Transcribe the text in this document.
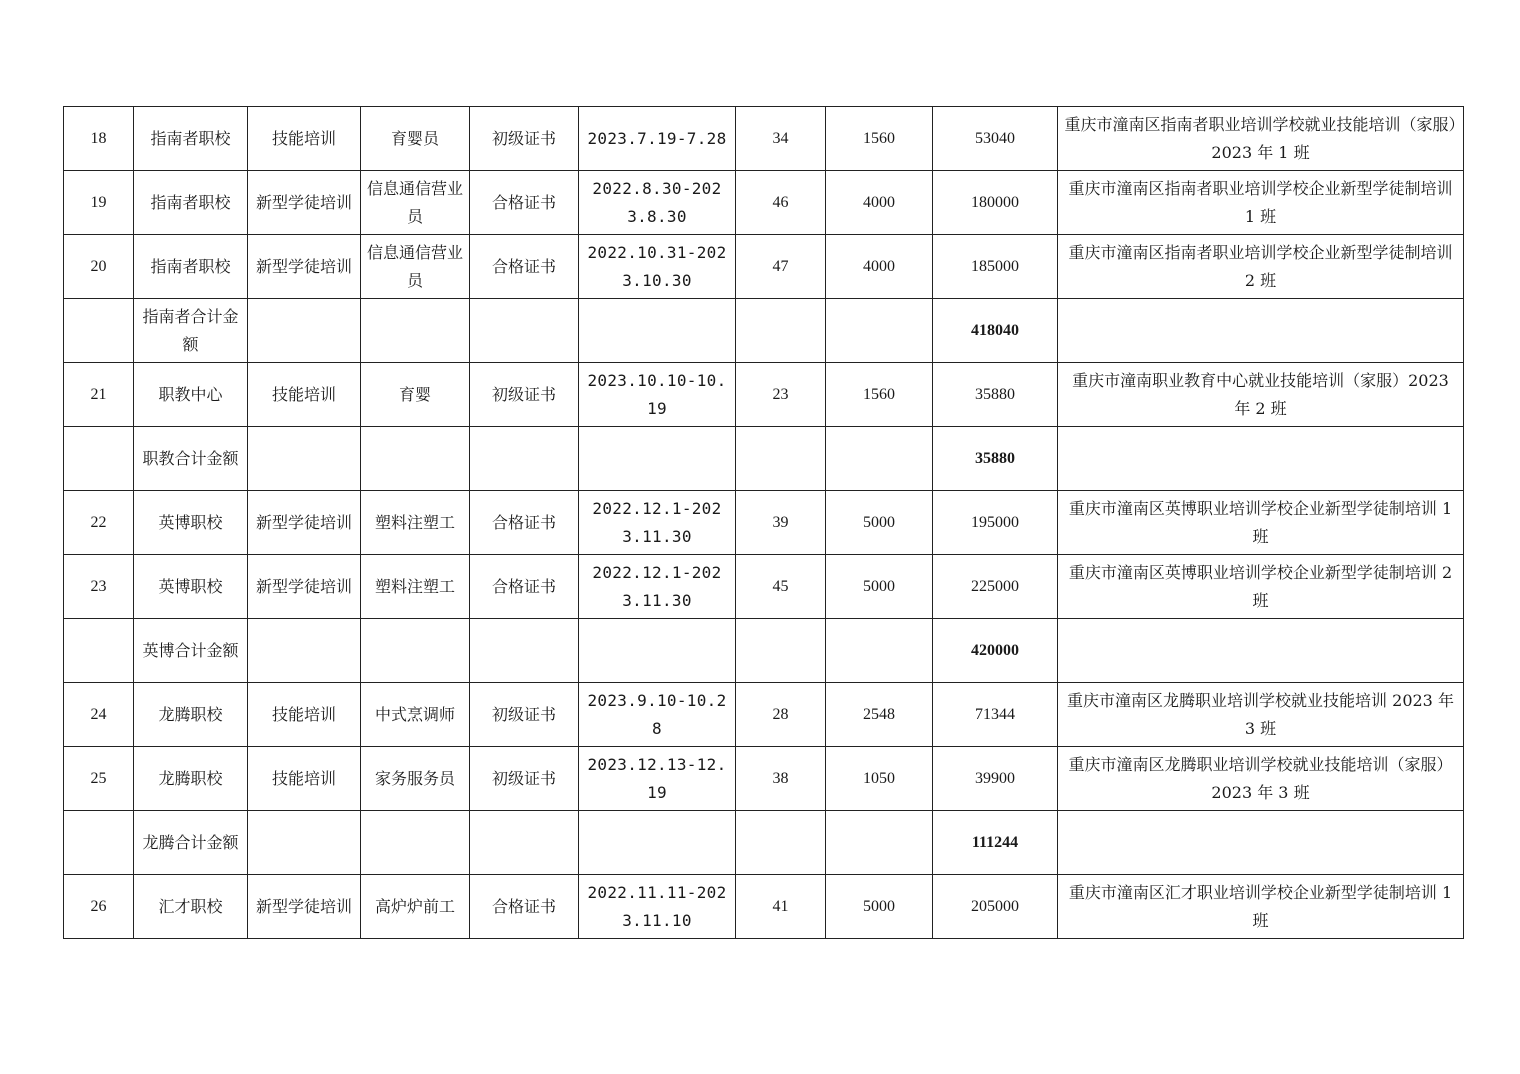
18	指南者职校	技能培训	育婴员	初级证书	2023.7.19-7.28	34	1560	53040	重庆市潼南区指南者职业培训学校就业技能培训（家服）2023 年 1 班
19	指南者职校	新型学徒培训	信息通信营业员	合格证书	2022.8.30-2023.8.30	46	4000	180000	重庆市潼南区指南者职业培训学校企业新型学徒制培训 1 班
20	指南者职校	新型学徒培训	信息通信营业员	合格证书	2022.10.31-2023.10.30	47	4000	185000	重庆市潼南区指南者职业培训学校企业新型学徒制培训 2 班
	指南者合计金额							418040	
21	职教中心	技能培训	育婴	初级证书	2023.10.10-10.19	23	1560	35880	重庆市潼南职业教育中心就业技能培训（家服）2023 年 2 班
	职教合计金额							35880	
22	英博职校	新型学徒培训	塑料注塑工	合格证书	2022.12.1-2023.11.30	39	5000	195000	重庆市潼南区英博职业培训学校企业新型学徒制培训 1 班
23	英博职校	新型学徒培训	塑料注塑工	合格证书	2022.12.1-2023.11.30	45	5000	225000	重庆市潼南区英博职业培训学校企业新型学徒制培训 2 班
	英博合计金额							420000	
24	龙腾职校	技能培训	中式烹调师	初级证书	2023.9.10-10.28	28	2548	71344	重庆市潼南区龙腾职业培训学校就业技能培训 2023 年 3 班
25	龙腾职校	技能培训	家务服务员	初级证书	2023.12.13-12.19	38	1050	39900	重庆市潼南区龙腾职业培训学校就业技能培训（家服）2023 年 3 班
	龙腾合计金额							111244	
26	汇才职校	新型学徒培训	高炉炉前工	合格证书	2022.11.11-2023.11.10	41	5000	205000	重庆市潼南区汇才职业培训学校企业新型学徒制培训 1 班
